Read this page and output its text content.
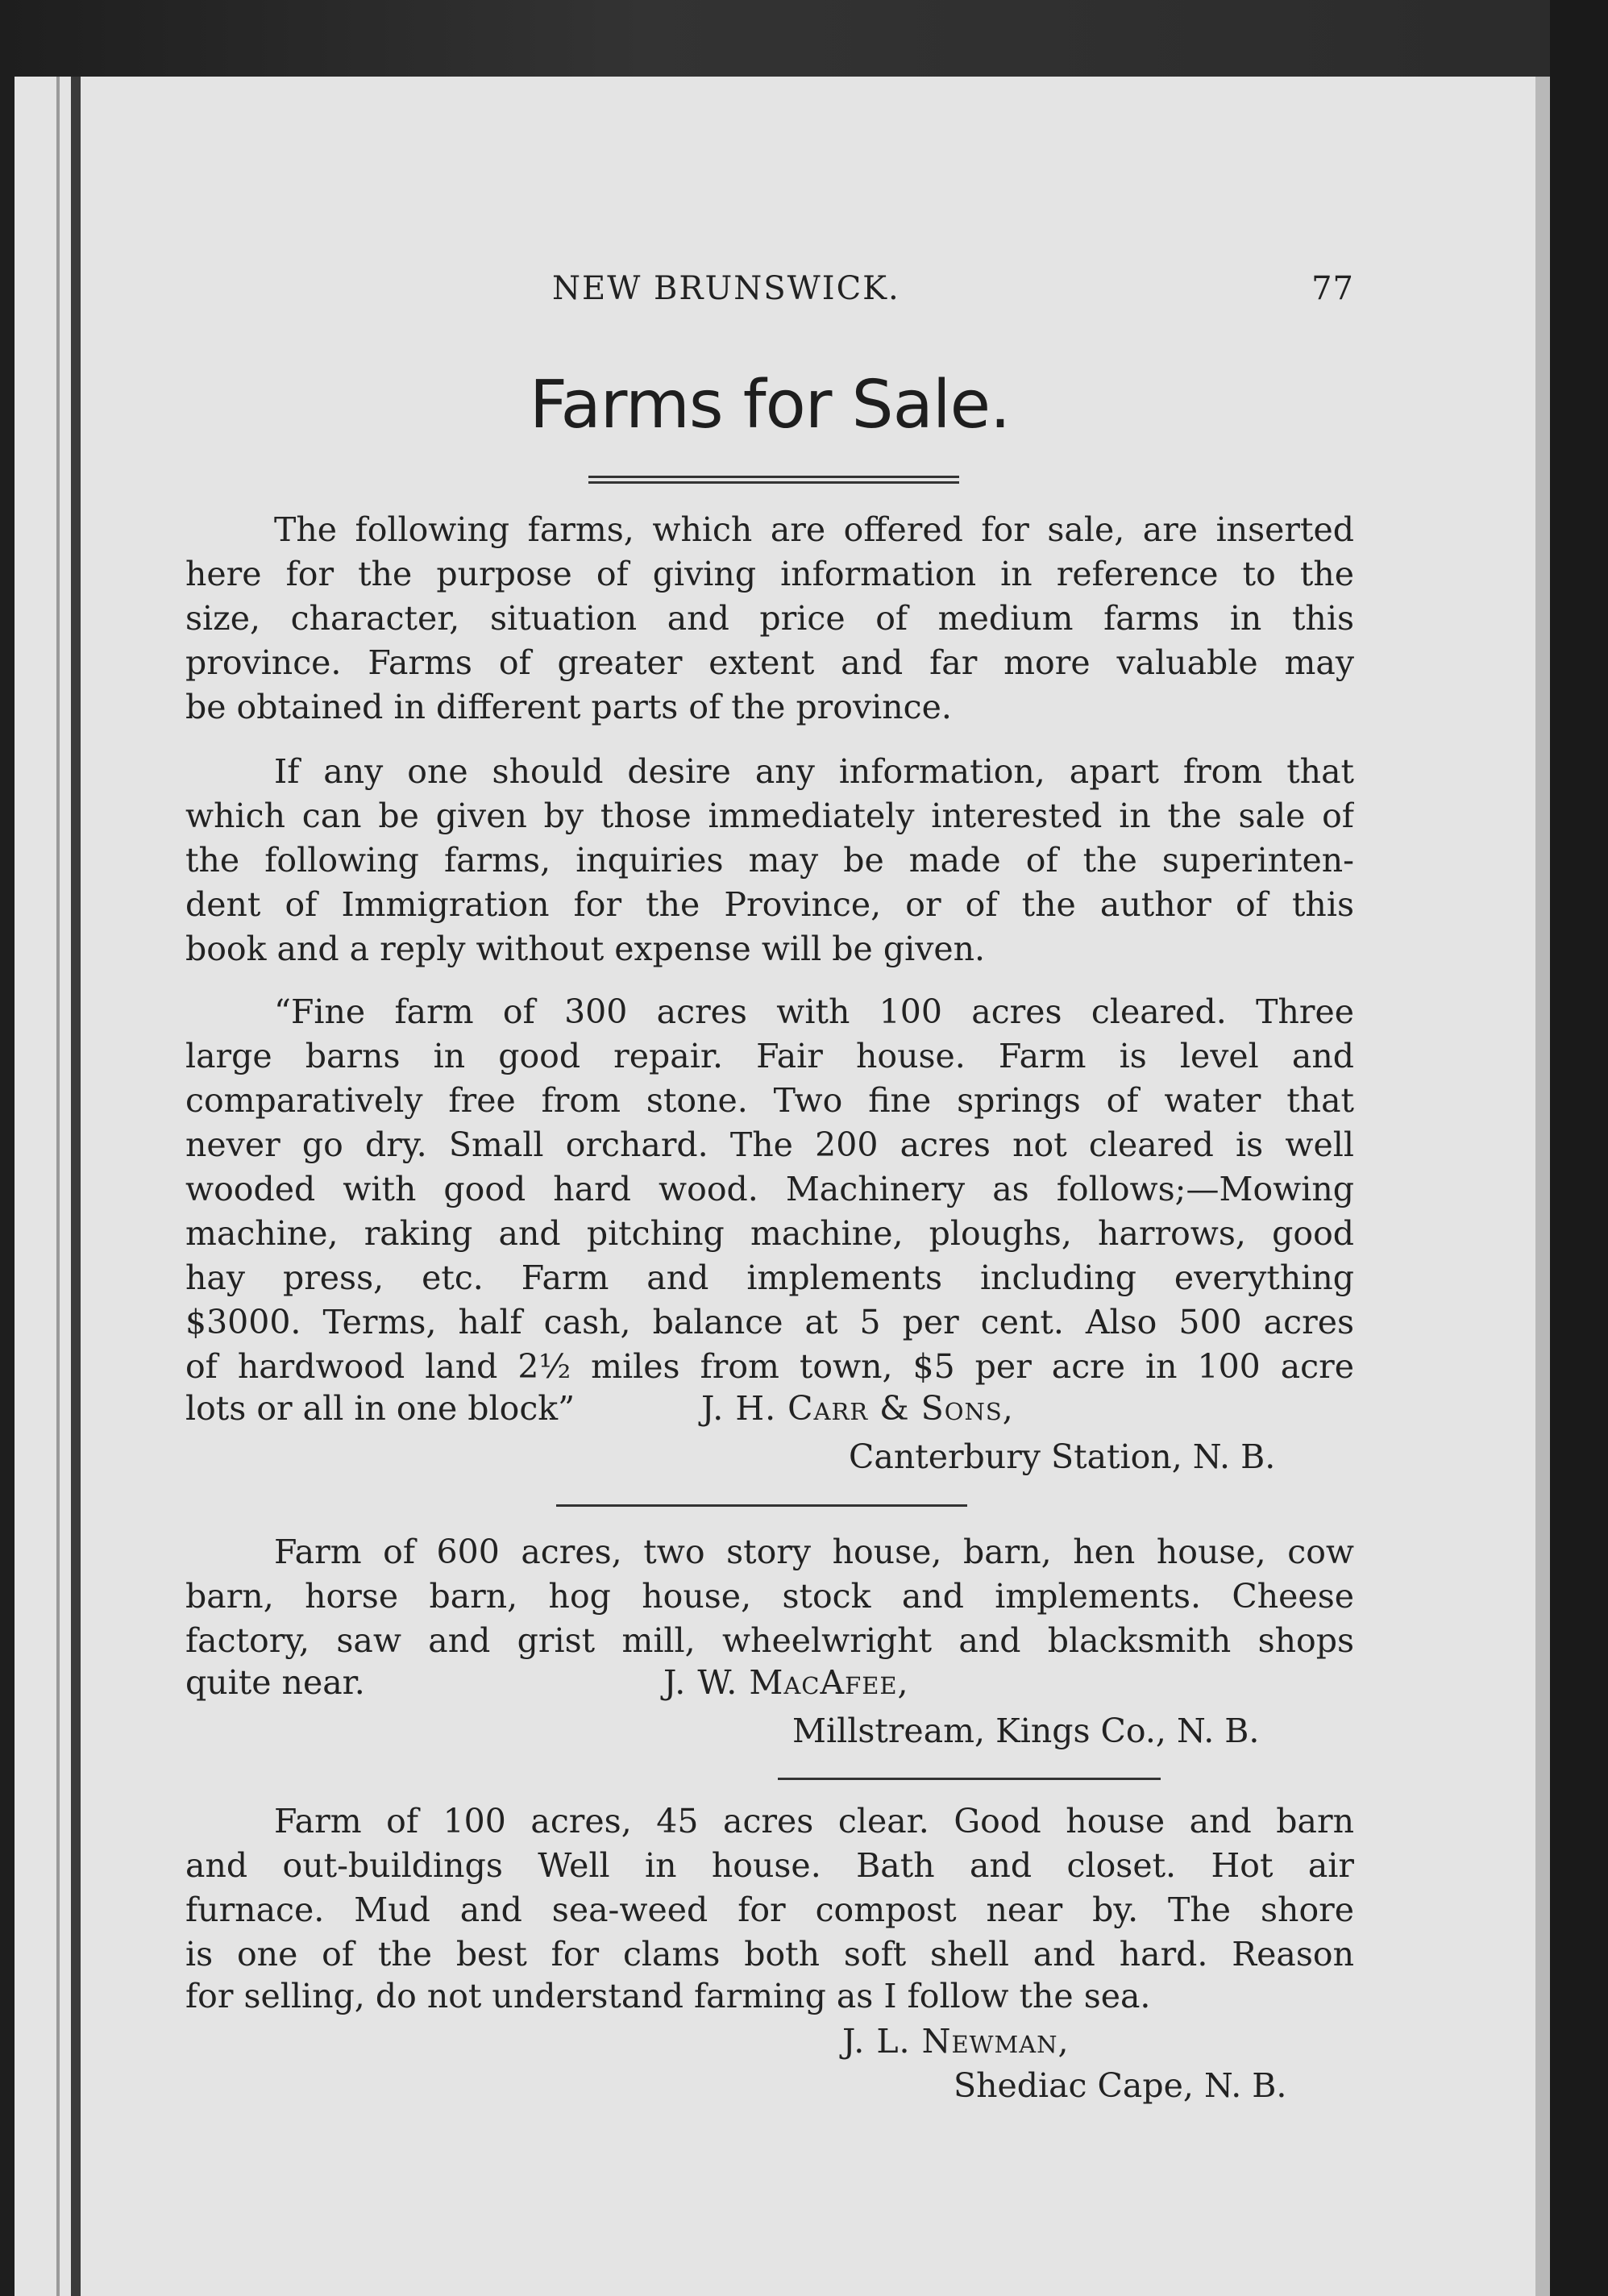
NEW BRUNSWICK.	77
Farms for Sale.
The following farms, which are offered for sale, are inserted
here for the purpose of giving information in reference to the
size, character, situation and price of medium farms in this
province. Farms of greater extent and far more valuable may
be obtained in different parts of the province.
If any one should desire any information, apart from that
which can be given by those immediately interested in the sale of
the following farms, inquiries may be made of the superinten-
dent of Immigration for the Province, or of the author of this
book and a reply without expense will be given.
“Fine farm of 300 acres with 100 acres cleared. Three
large barns in good repair. Fair house. Farm is level and
comparatively free from stone. Two fine springs of water that
never go dry. Small orchard. The 200 acres not cleared is well
wooded with good hard wood. Machinery as follows;—Mowing
machine, raking and pitching machine, ploughs, harrows, good
hay press, etc. Farm and implements including everything
$3000. Terms, half cash, balance at 5 per cent. Also 500 acres
of hardwood land 2½ miles from town, $5 per acre in 100 acre
lots or all in one block”	J. H. Carr & Sons,
Canterbury Station, N. B.
Farm of 600 acres, two story house, barn, hen house, cow
barn, horse barn, hog house, stock and implements. Cheese
factory, saw and grist mill, wheelwright and blacksmith shops
quite near.	J. W. MacAfee,
Millstream, Kings Co., N. B.
Farm of 100 acres, 45 acres clear. Good house and barn
and out-buildings Well in house. Bath and closet. Hot air
furnace. Mud and sea-weed for compost near by. The shore
is one of the best for clams both soft shell and hard. Reason
for selling, do not understand farming as I follow the sea.
J. L. Newman,
Shediac Cape, N. B.
